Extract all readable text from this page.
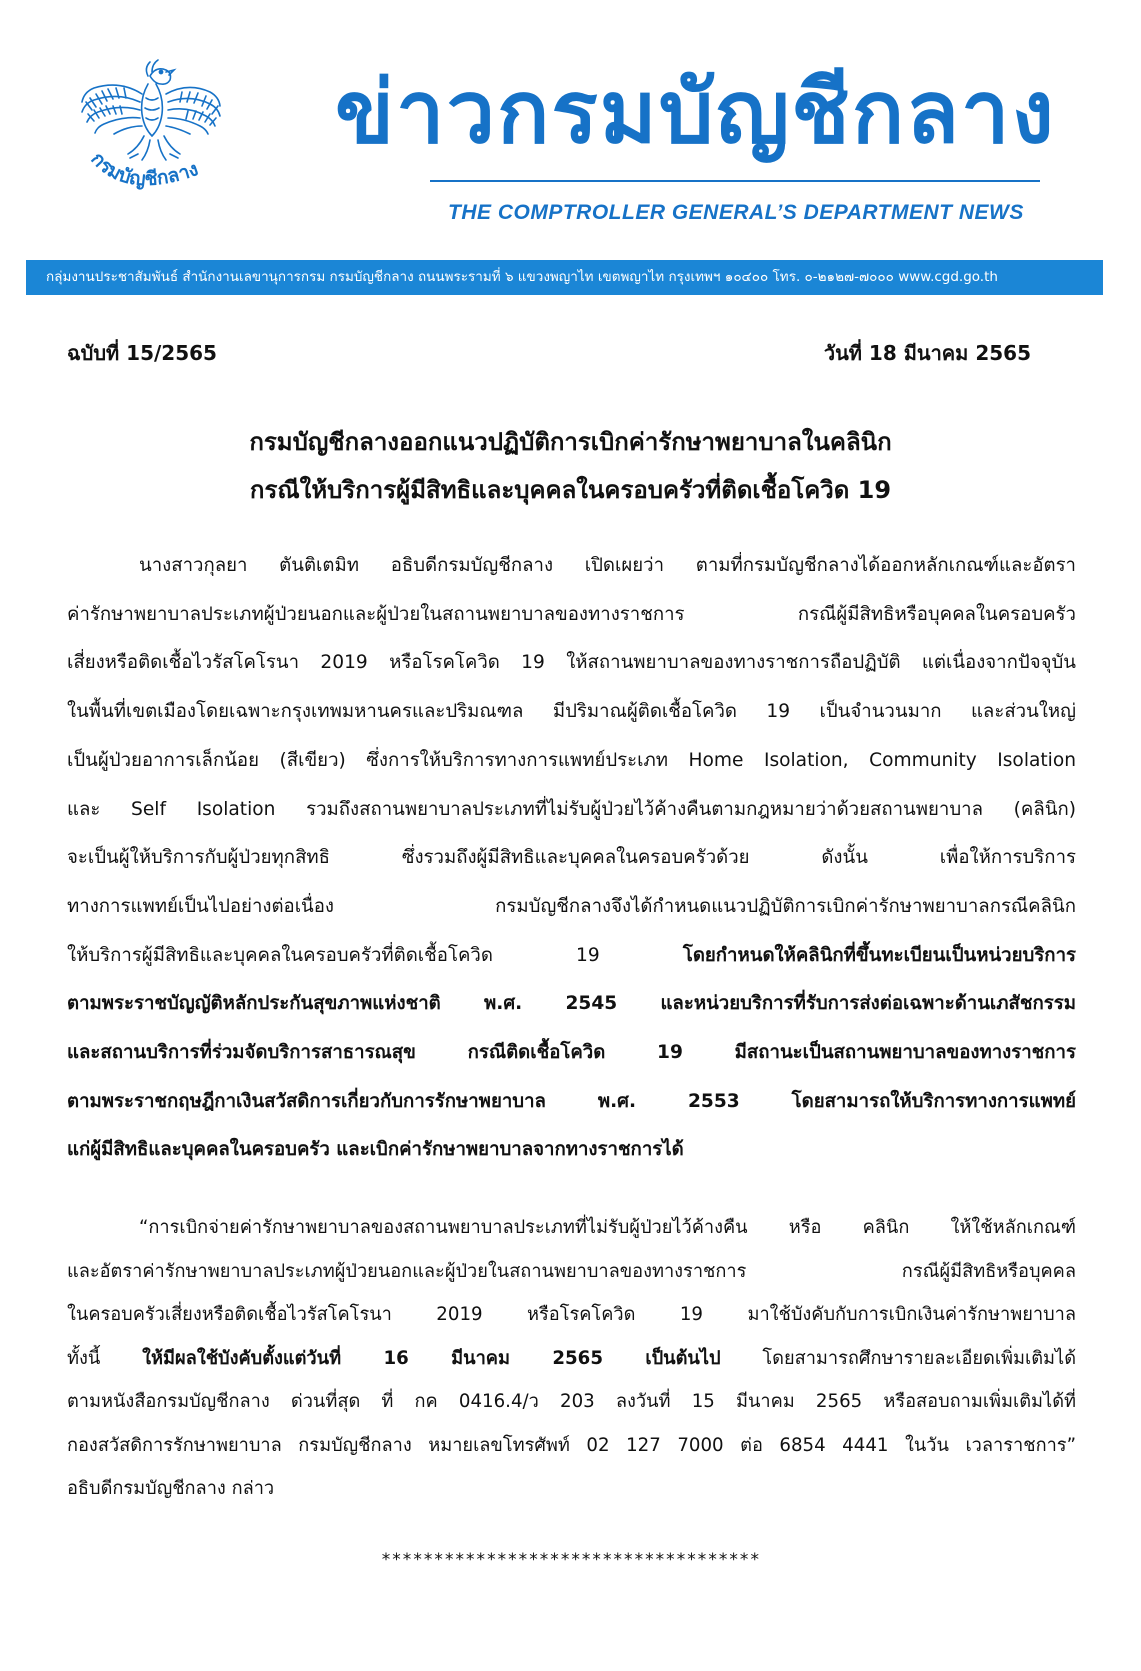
กรมบัญชีกลาง
ข่าวกรมบัญชีกลาง
THE COMPTROLLER GENERAL’S DEPARTMENT NEWS
กลุ่มงานประชาสัมพันธ์ สำนักงานเลขานุการกรม กรมบัญชีกลาง ถนนพระรามที่ ๖ แขวงพญาไท เขตพญาไท กรุงเทพฯ ๑๐๔๐๐ โทร. ๐-๒๑๒๗-๗๐๐๐ www.cgd.go.th
ฉบับที่ 15/2565	วันที่ 18 มีนาคม 2565
กรมบัญชีกลางออกแนวปฏิบัติการเบิกค่ารักษาพยาบาลในคลินิก
กรณีให้บริการผู้มีสิทธิและบุคคลในครอบครัวที่ติดเชื้อโควิด 19
นางสาวกุลยา ตันติเตมิท อธิบดีกรมบัญชีกลาง เปิดเผยว่า ตามที่กรมบัญชีกลางได้ออกหลักเกณฑ์และอัตรา
ค่ารักษาพยาบาลประเภทผู้ป่วยนอกและผู้ป่วยในสถานพยาบาลของทางราชการ กรณีผู้มีสิทธิหรือบุคคลในครอบครัว
เสี่ยงหรือติดเชื้อไวรัสโคโรนา 2019 หรือโรคโควิด 19 ให้สถานพยาบาลของทางราชการถือปฏิบัติ แต่เนื่องจากปัจจุบัน
ในพื้นที่เขตเมืองโดยเฉพาะกรุงเทพมหานครและปริมณฑล มีปริมาณผู้ติดเชื้อโควิด 19 เป็นจำนวนมาก และส่วนใหญ่
เป็นผู้ป่วยอาการเล็กน้อย (สีเขียว) ซึ่งการให้บริการทางการแพทย์ประเภท Home Isolation, Community Isolation
และ Self Isolation รวมถึงสถานพยาบาลประเภทที่ไม่รับผู้ป่วยไว้ค้างคืนตามกฎหมายว่าด้วยสถานพยาบาล (คลินิก)
จะเป็นผู้ให้บริการกับผู้ป่วยทุกสิทธิ ซึ่งรวมถึงผู้มีสิทธิและบุคคลในครอบครัวด้วย ดังนั้น เพื่อให้การบริการ
ทางการแพทย์เป็นไปอย่างต่อเนื่อง กรมบัญชีกลางจึงได้กำหนดแนวปฏิบัติการเบิกค่ารักษาพยาบาลกรณีคลินิก
ให้บริการผู้มีสิทธิและบุคคลในครอบครัวที่ติดเชื้อโควิด 19 โดยกำหนดให้คลินิกที่ขึ้นทะเบียนเป็นหน่วยบริการ
ตามพระราชบัญญัติหลักประกันสุขภาพแห่งชาติ พ.ศ. 2545 และหน่วยบริการที่รับการส่งต่อเฉพาะด้านเภสัชกรรม
และสถานบริการที่ร่วมจัดบริการสาธารณสุข กรณีติดเชื้อโควิด 19 มีสถานะเป็นสถานพยาบาลของทางราชการ
ตามพระราชกฤษฎีกาเงินสวัสดิการเกี่ยวกับการรักษาพยาบาล พ.ศ. 2553 โดยสามารถให้บริการทางการแพทย์
แก่ผู้มีสิทธิและบุคคลในครอบครัว และเบิกค่ารักษาพยาบาลจากทางราชการได้
“การเบิกจ่ายค่ารักษาพยาบาลของสถานพยาบาลประเภทที่ไม่รับผู้ป่วยไว้ค้างคืน หรือ คลินิก ให้ใช้หลักเกณฑ์
และอัตราค่ารักษาพยาบาลประเภทผู้ป่วยนอกและผู้ป่วยในสถานพยาบาลของทางราชการ กรณีผู้มีสิทธิหรือบุคคล
ในครอบครัวเสี่ยงหรือติดเชื้อไวรัสโคโรนา 2019 หรือโรคโควิด 19 มาใช้บังคับกับการเบิกเงินค่ารักษาพยาบาล
ทั้งนี้ ให้มีผลใช้บังคับตั้งแต่วันที่ 16 มีนาคม 2565 เป็นต้นไป โดยสามารถศึกษารายละเอียดเพิ่มเติมได้
ตามหนังสือกรมบัญชีกลาง ด่วนที่สุด ที่ กค 0416.4/ว 203 ลงวันที่ 15 มีนาคม 2565 หรือสอบถามเพิ่มเติมได้ที่
กองสวัสดิการรักษาพยาบาล กรมบัญชีกลาง หมายเลขโทรศัพท์ 02 127 7000 ต่อ 6854 4441 ในวัน เวลาราชการ”
อธิบดีกรมบัญชีกลาง กล่าว
************************************
